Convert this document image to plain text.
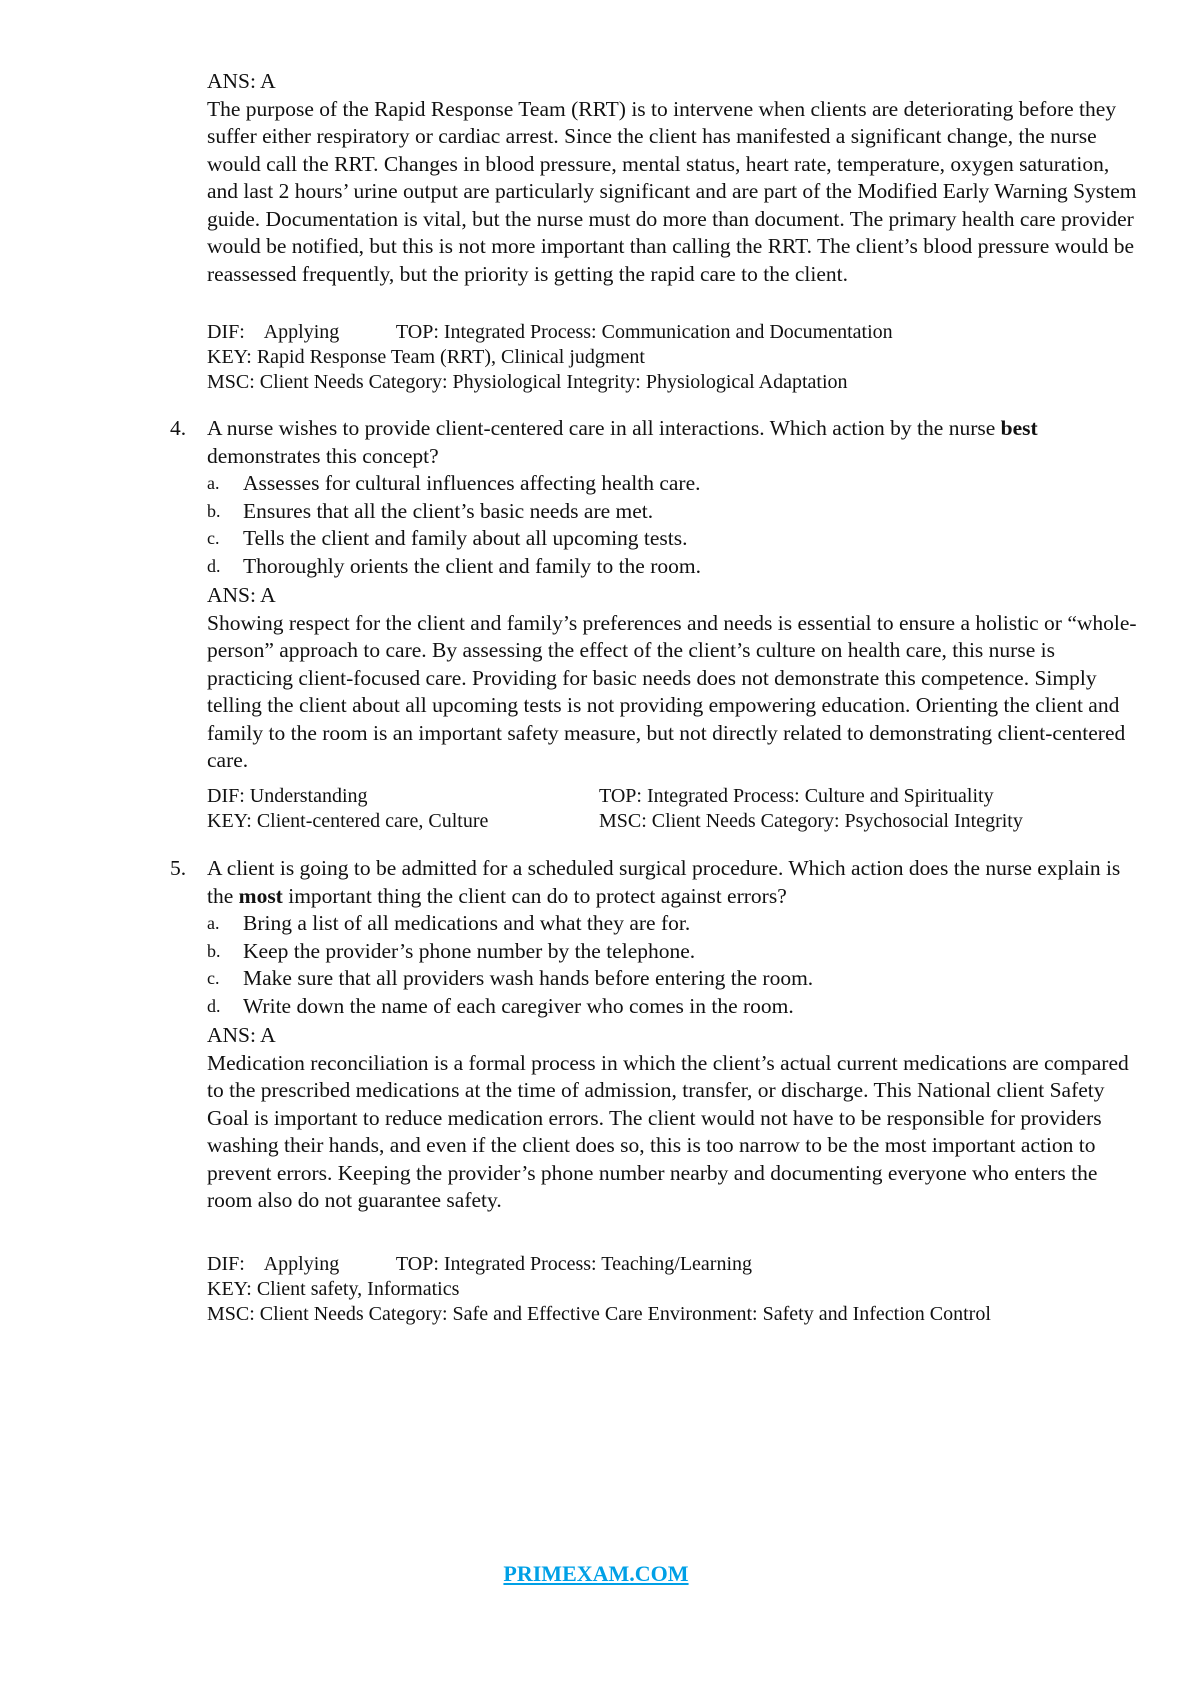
ANS: A

The purpose of the Rapid Response Team (RRT) is to intervene when clients are deteriorating before they suffer either respiratory or cardiac arrest. Since the client has manifested a significant change, the nurse would call the RRT. Changes in blood pressure, mental status, heart rate, temperature, oxygen saturation, and last 2 hours’ urine output are particularly significant and are part of the Modified Early Warning System guide. Documentation is vital, but the nurse must do more than document. The primary health care provider would be notified, but this is not more important than calling the RRT. The client’s blood pressure would be reassessed frequently, but the priority is getting the rapid care to the client.

DIF: Applying	TOP: Integrated Process: Communication and Documentation
KEY: Rapid Response Team (RRT), Clinical judgment
MSC: Client Needs Category: Physiological Integrity: Physiological Adaptation
4. A nurse wishes to provide client-centered care in all interactions. Which action by the nurse best demonstrates this concept?
a.	Assesses for cultural influences affecting health care.
b.	Ensures that all the client’s basic needs are met.
c.	Tells the client and family about all upcoming tests.
d.	Thoroughly orients the client and family to the room.

ANS: A

Showing respect for the client and family’s preferences and needs is essential to ensure a holistic or “whole-person” approach to care. By assessing the effect of the client’s culture on health care, this nurse is practicing client-focused care. Providing for basic needs does not demonstrate this competence. Simply telling the client about all upcoming tests is not providing empowering education. Orienting the client and family to the room is an important safety measure, but not directly related to demonstrating client-centered care.

DIF: Understanding	TOP: Integrated Process: Culture and Spirituality
KEY: Client-centered care, Culture	MSC: Client Needs Category: Psychosocial Integrity
5. A client is going to be admitted for a scheduled surgical procedure. Which action does the nurse explain is the most important thing the client can do to protect against errors?
a.	Bring a list of all medications and what they are for.
b.	Keep the provider’s phone number by the telephone.
c.	Make sure that all providers wash hands before entering the room.
d.	Write down the name of each caregiver who comes in the room.

ANS: A

Medication reconciliation is a formal process in which the client’s actual current medications are compared to the prescribed medications at the time of admission, transfer, or discharge. This National client Safety Goal is important to reduce medication errors. The client would not have to be responsible for providers washing their hands, and even if the client does so, this is too narrow to be the most important action to prevent errors. Keeping the provider’s phone number nearby and documenting everyone who enters the room also do not guarantee safety.

DIF: Applying	TOP: Integrated Process: Teaching/Learning
KEY: Client safety, Informatics
MSC: Client Needs Category: Safe and Effective Care Environment: Safety and Infection Control
PRIMEXAM.COM
